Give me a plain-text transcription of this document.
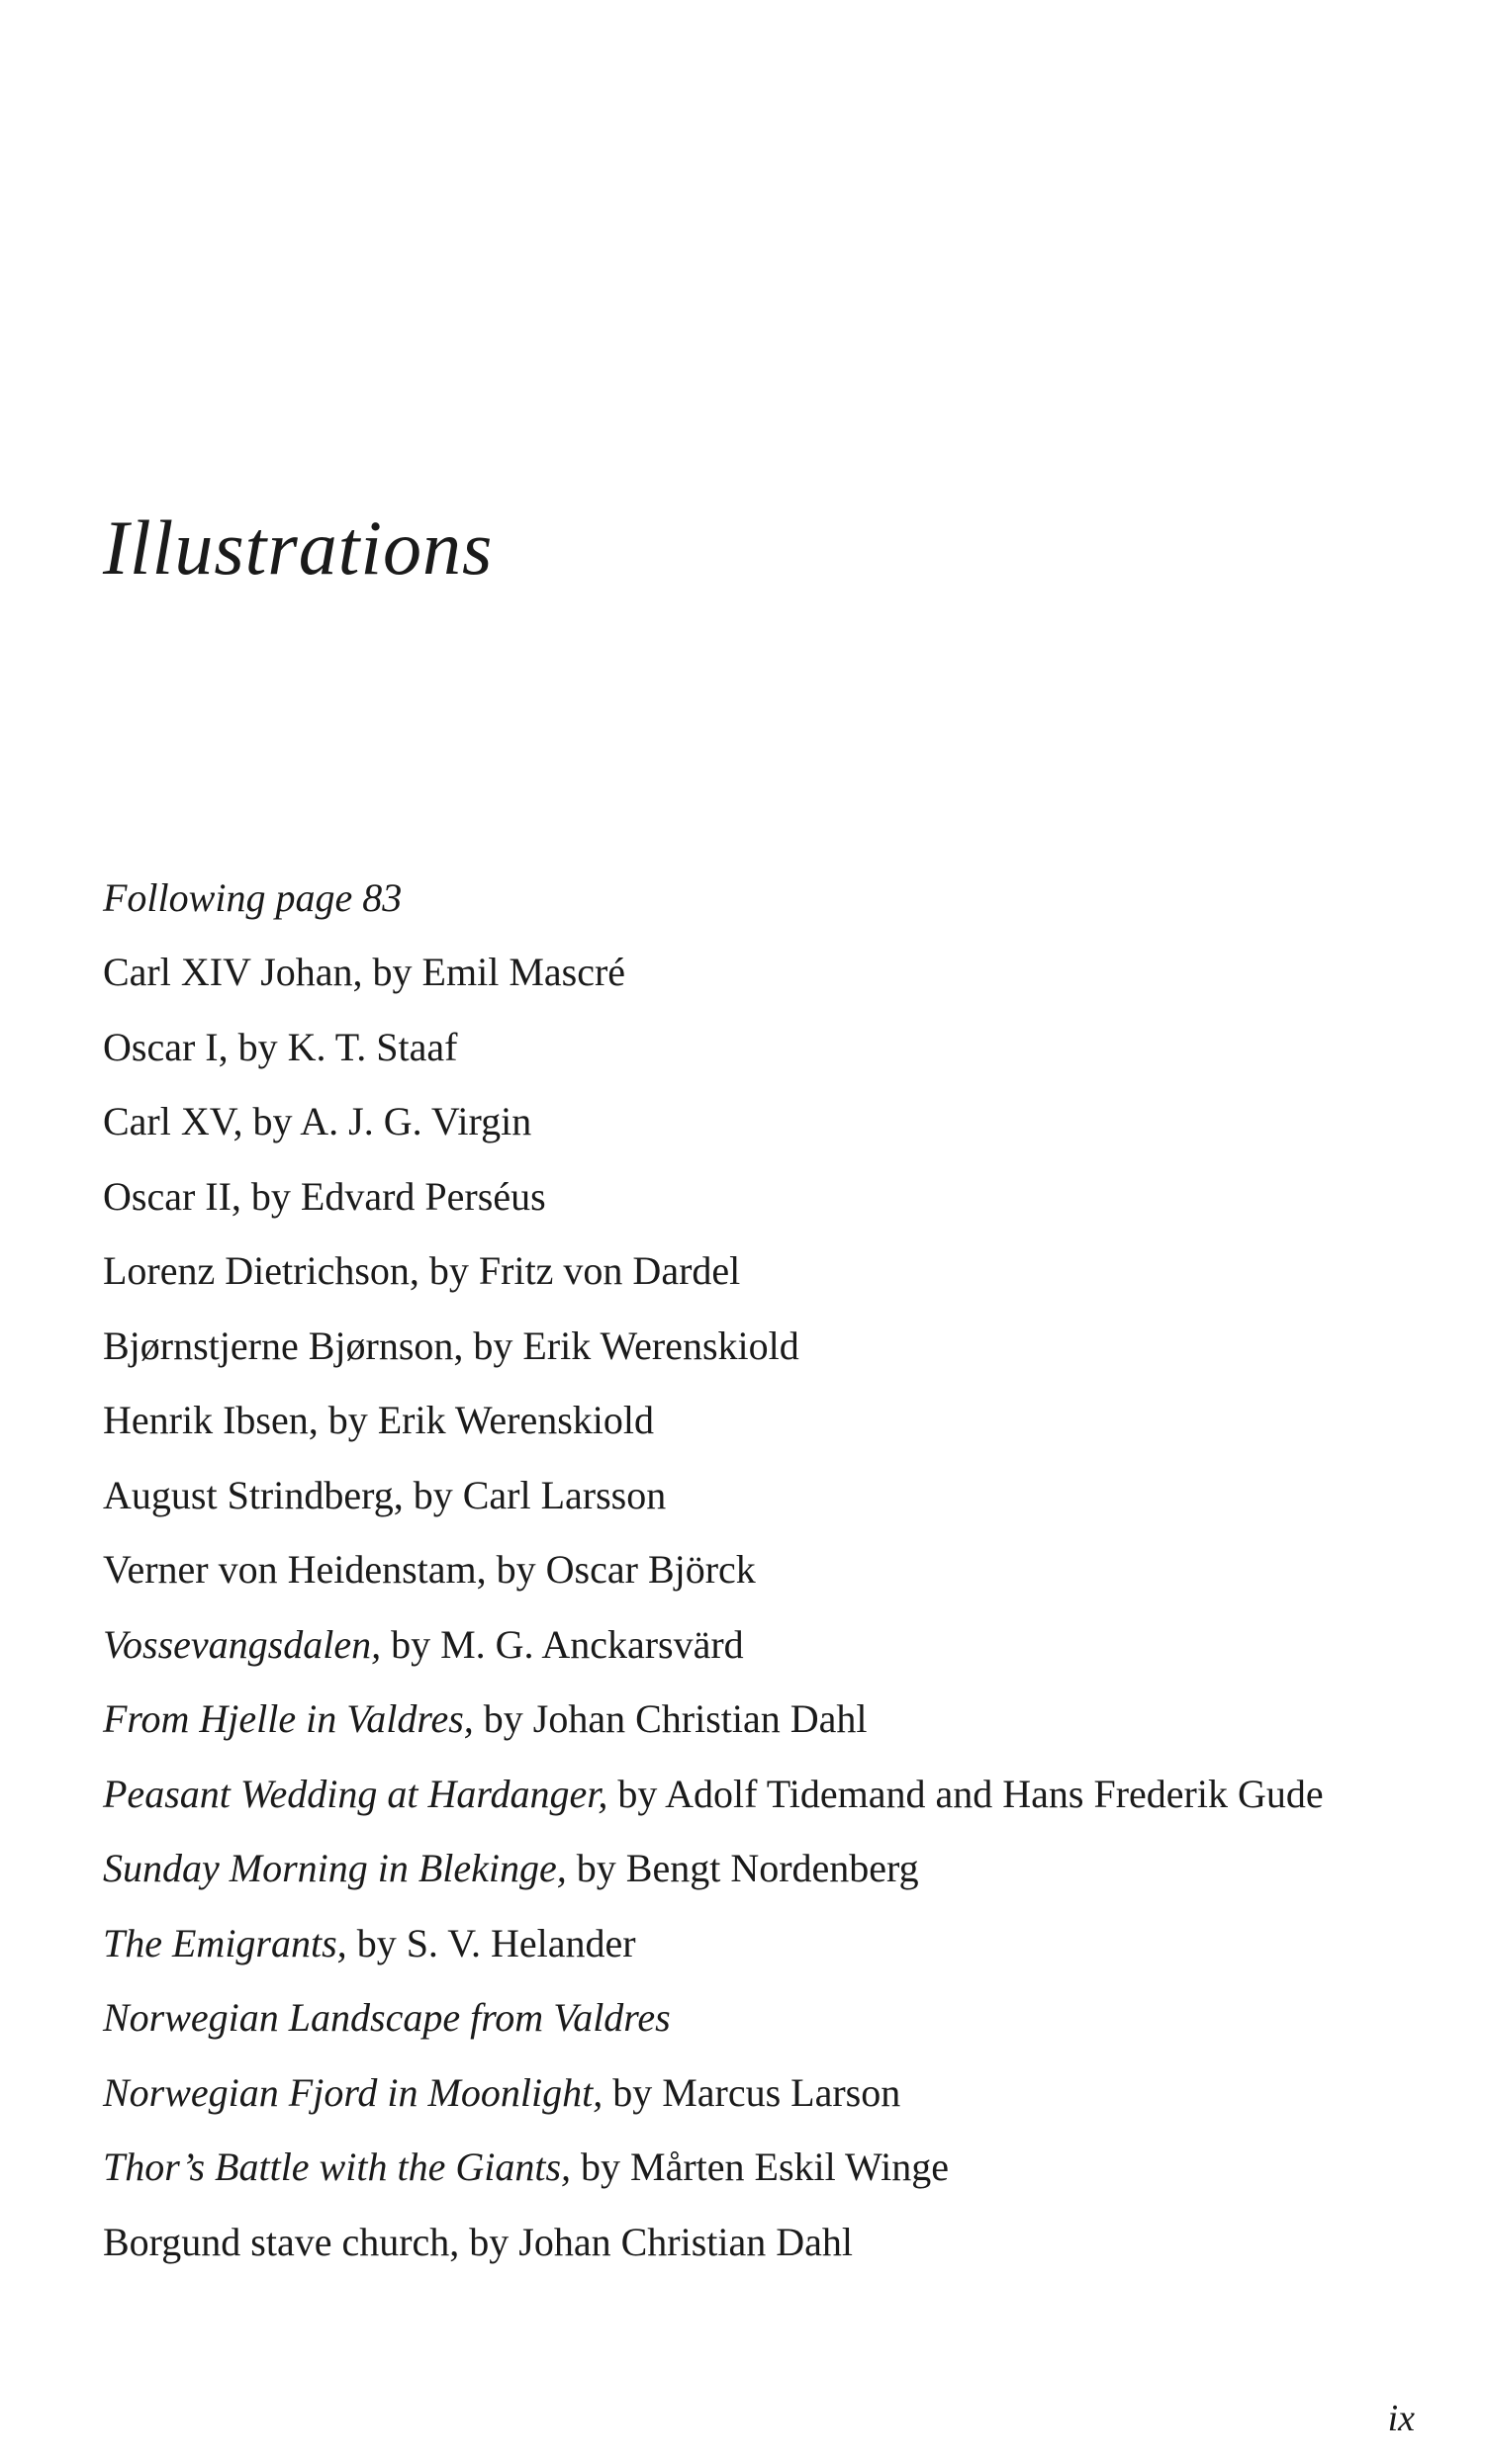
Illustrations
Following page 83
Carl XIV Johan, by Emil Mascré
Oscar I, by K. T. Staaf
Carl XV, by A. J. G. Virgin
Oscar II, by Edvard Perséus
Lorenz Dietrichson, by Fritz von Dardel
Bjørnstjerne Bjørnson, by Erik Werenskiold
Henrik Ibsen, by Erik Werenskiold
August Strindberg, by Carl Larsson
Verner von Heidenstam, by Oscar Björck
Vossevangsdalen, by M. G. Anckarsvärd
From Hjelle in Valdres, by Johan Christian Dahl
Peasant Wedding at Hardanger, by Adolf Tidemand and Hans Frederik Gude
Sunday Morning in Blekinge, by Bengt Nordenberg
The Emigrants, by S. V. Helander
Norwegian Landscape from Valdres
Norwegian Fjord in Moonlight, by Marcus Larson
Thor’s Battle with the Giants, by Mårten Eskil Winge
Borgund stave church, by Johan Christian Dahl

ix
